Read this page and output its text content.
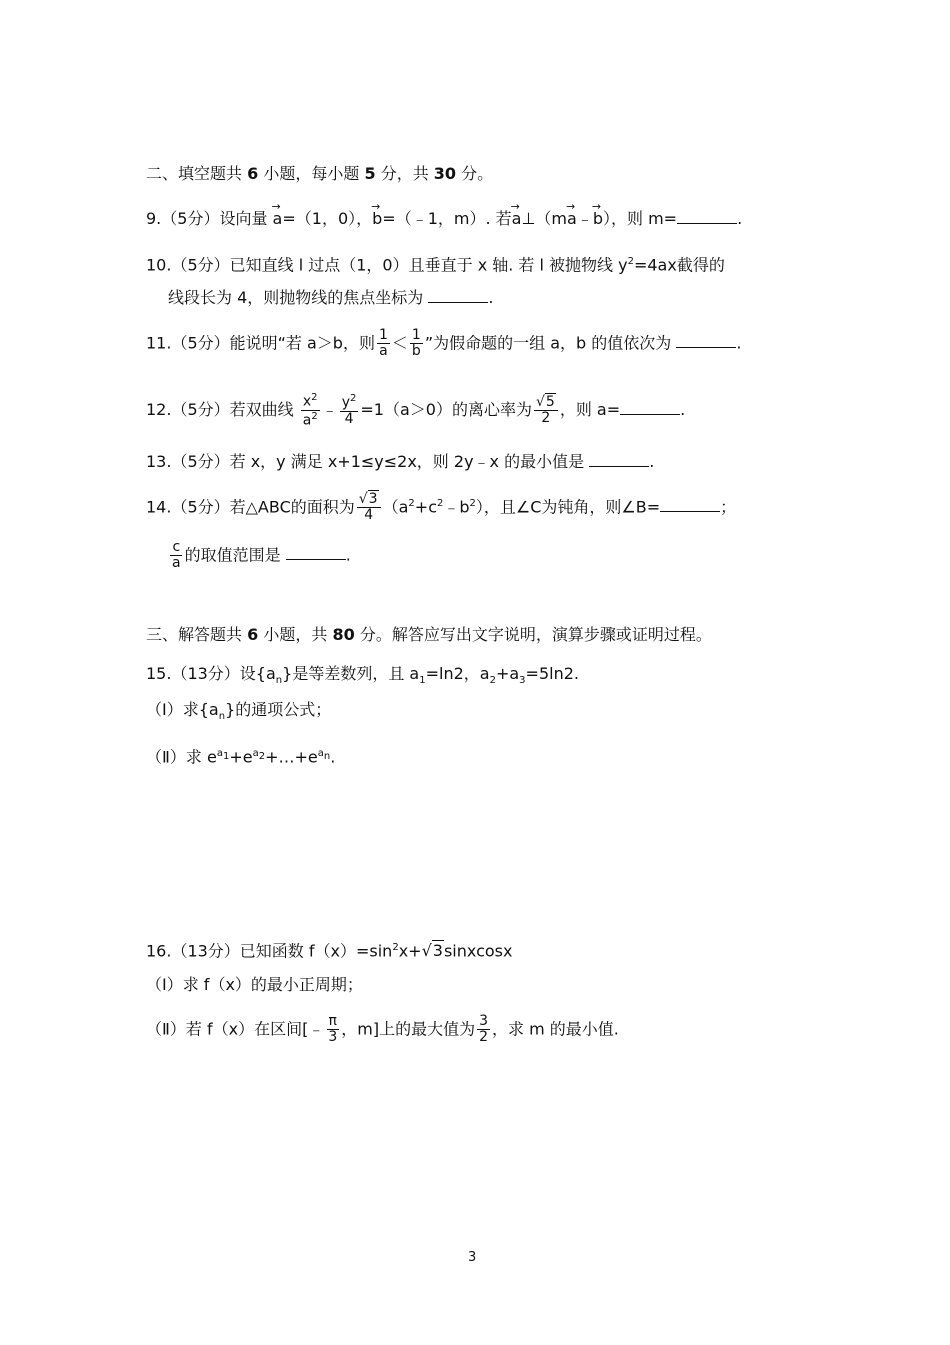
二、填空题共 6 小题，每小题 5 分，共 30 分。
9.（5分）设向量 → a=（1，0），→ b=（﹣1，m）. 若→ a⊥（m→ a﹣→ b），则 m=	.
10.（5分）已知直线 l 过点（1，0）且垂直于 x 轴. 若 l 被抛物线 $y^2=4ax$截得的
线段长为 4，则抛物线的焦点坐标为	.
11.（5分）能说明“若 a＞b，则 $\frac{1}{a} < \frac{1}{b}$ ”为假命题的一组 a，b 的值依次为	.
12.（5分）若双曲线 $\frac{x^2}{a^2}$ ﹣ $\frac{y^2}{4} =1(a>0)$的离心率为 $\frac{√5}{2}$ ，则 a=	.
13.（5分）若 x，y 满足 x+1≤y≤2x，则 2y﹣x 的最小值是	.
14.（5分）若△ABC的面积为 $\frac{√3}{4}$ $(a^2+c^2﹣b^2)$，且∠C为钝角，则∠B=	；
$\frac{c}{a}$ 的取值范围是	.
三、解答题共 6 小题，共 80 分。解答应写出文字说明，演算步骤或证明过程。
15.（13分）设$\{a_n\}$是等差数列，且 $a_1=\ln 2$，$a_2+a_3=5\ln 2$.
（Ⅰ）求$\{a_n\}$的通项公式；
（Ⅱ）求 $e^{a_1}+e^{a_2}+\dots+e^{a_n}$.
16.（13分）已知函数 $f(x)=\sin^2x+√3sinxcosx$
（Ⅰ）求 f（x）的最小正周期；
（Ⅱ）若 f（x）在区间[﹣ $\frac{\pi}{3}$ ，m]上的最大值为 $\frac{3}{2}$ ，求 m 的最小值.
3
